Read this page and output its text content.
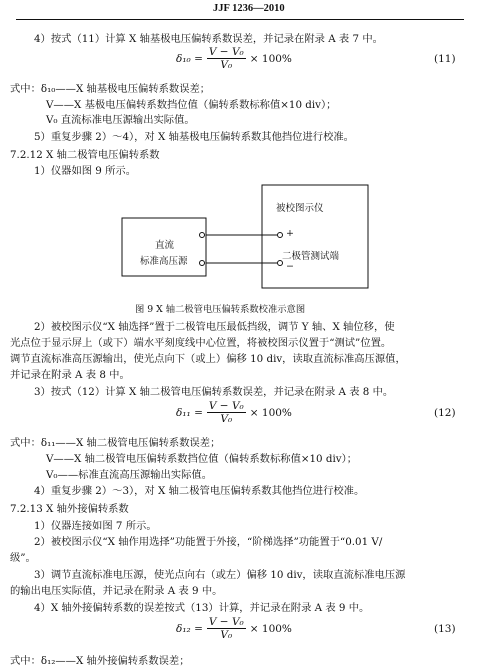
JJF 1236—2010
4）按式（11）计算 X 轴基极电压偏转系数误差，并记录在附录 A 表 7 中。
$\delta_{10} = \frac{\text{V − V₀}}{\text{V₀}} \times 100\%$	(11)
式中：δ₁₀——X 轴基极电压偏转系数误差；
V——X 基极电压偏转系数挡位值（偏转系数标称值×10 div）；
V₀ 直流标准电压源输出实际值。
5）重复步骤 2）～4），对 X 轴基极电压偏转系数其他挡位进行校准。
7.2.12 X 轴二极管电压偏转系数
1）仪器如图 9 所示。
直流
标准高压源
被校图示仪
+
−
二极管测试端
图 9 X 轴二极管电压偏转系数校准示意图
2）被校图示仪“X 轴选择”置于二极管电压最低挡级，调节 Y 轴、X 轴位移，使
光点位于显示屏上（或下）端水平刻度线中心位置，将被校图示仪置于“测试”位置。
调节直流标准高压源输出，使光点向下（或上）偏移 10 div，读取直流标准高压源值，
并记录在附录 A 表 8 中。
3）按式（12）计算 X 轴二极管电压偏转系数误差，并记录在附录 A 表 8 中。
$\delta_{11} = \frac{\text{V − V₀}}{\text{V₀}} \times 100\%$	(12)
式中：δ₁₁——X 轴二极管电压偏转系数误差；
V——X 轴二极管电压偏转系数挡位值（偏转系数标称值×10 div）；
V₀——标准直流高压源输出实际值。
4）重复步骤 2）～3），对 X 轴二极管电压偏转系数其他挡位进行校准。
7.2.13 X 轴外接偏转系数
1）仪器连接如图 7 所示。
2）被校图示仪“X 轴作用选择”功能置于外接，“阶梯选择”功能置于“0.01 V/
级”。
3）调节直流标准电压源，使光点向右（或左）偏移 10 div，读取直流标准电压源
的输出电压实际值，并记录在附录 A 表 9 中。
4）X 轴外接偏转系数的误差按式（13）计算，并记录在附录 A 表 9 中。
$\delta_{12} = \frac{\text{V − V₀}}{\text{V₀}} \times 100\%$	(13)
式中：δ₁₂——X 轴外接偏转系数误差；
